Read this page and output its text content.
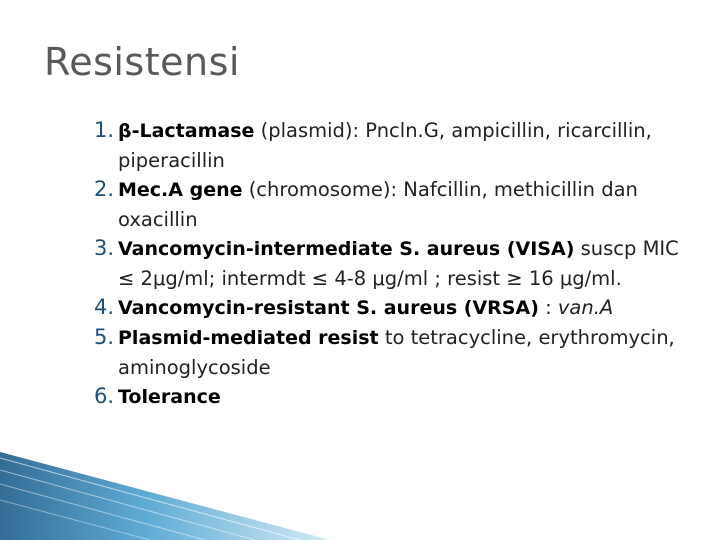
Resistensi
1. β-Lactamase (plasmid): Pncln.G, ampicillin, ricarcillin, piperacillin
2. Mec.A gene (chromosome): Nafcillin, methicillin dan oxacillin
3. Vancomycin-intermediate S. aureus (VISA) suscp MIC ≤ 2μg/ml; intermdt ≤ 4-8 μg/ml ; resist ≥ 16 μg/ml.
4. Vancomycin-resistant S. aureus (VRSA) : van.A
5. Plasmid-mediated resist to tetracycline, erythromycin, aminoglycoside
6. Tolerance
